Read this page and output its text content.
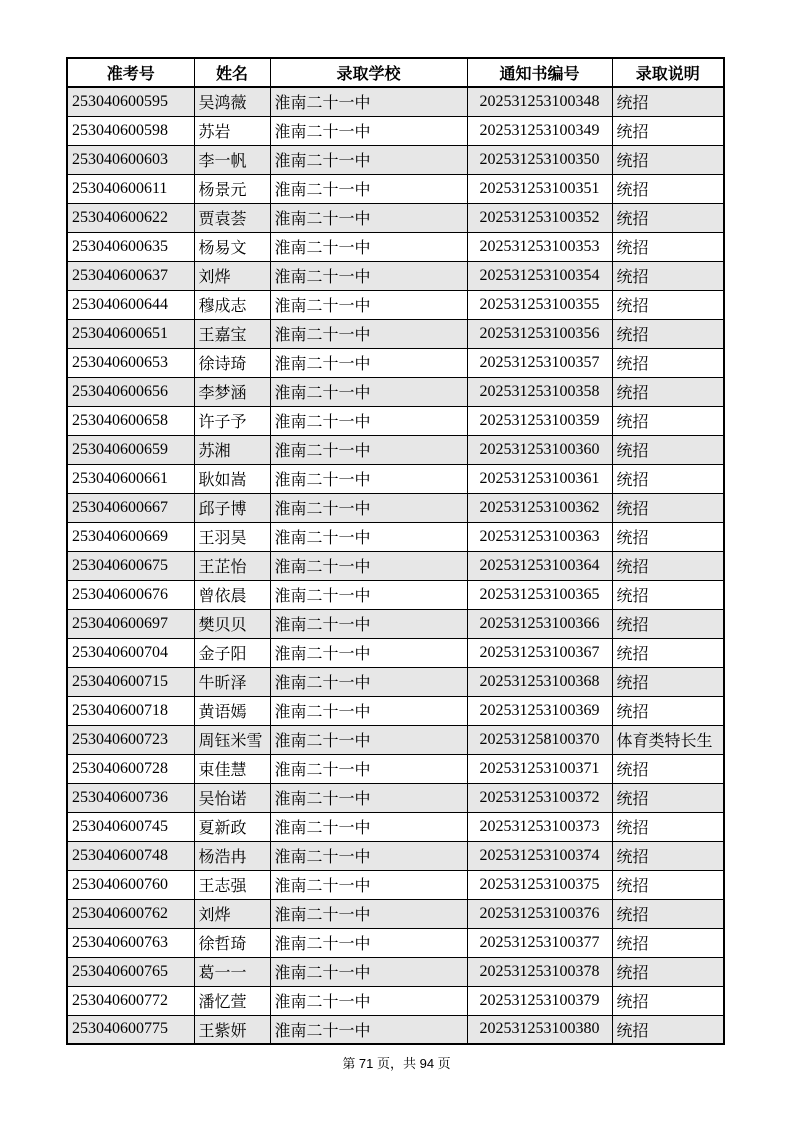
准考号	姓名	录取学校	通知书编号	录取说明
253040600595	吴鸿薇	淮南二十一中	202531253100348	统招
253040600598	苏岩	淮南二十一中	202531253100349	统招
253040600603	李一帆	淮南二十一中	202531253100350	统招
253040600611	杨景元	淮南二十一中	202531253100351	统招
253040600622	贾袁荟	淮南二十一中	202531253100352	统招
253040600635	杨易文	淮南二十一中	202531253100353	统招
253040600637	刘烨	淮南二十一中	202531253100354	统招
253040600644	穆成志	淮南二十一中	202531253100355	统招
253040600651	王嘉宝	淮南二十一中	202531253100356	统招
253040600653	徐诗琦	淮南二十一中	202531253100357	统招
253040600656	李梦涵	淮南二十一中	202531253100358	统招
253040600658	许子予	淮南二十一中	202531253100359	统招
253040600659	苏湘	淮南二十一中	202531253100360	统招
253040600661	耿如嵩	淮南二十一中	202531253100361	统招
253040600667	邱子博	淮南二十一中	202531253100362	统招
253040600669	王羽昊	淮南二十一中	202531253100363	统招
253040600675	王芷怡	淮南二十一中	202531253100364	统招
253040600676	曾依晨	淮南二十一中	202531253100365	统招
253040600697	樊贝贝	淮南二十一中	202531253100366	统招
253040600704	金子阳	淮南二十一中	202531253100367	统招
253040600715	牛昕泽	淮南二十一中	202531253100368	统招
253040600718	黄语嫣	淮南二十一中	202531253100369	统招
253040600723	周钰米雪	淮南二十一中	202531258100370	体育类特长生
253040600728	束佳慧	淮南二十一中	202531253100371	统招
253040600736	吴怡诺	淮南二十一中	202531253100372	统招
253040600745	夏新政	淮南二十一中	202531253100373	统招
253040600748	杨浩冉	淮南二十一中	202531253100374	统招
253040600760	王志强	淮南二十一中	202531253100375	统招
253040600762	刘烨	淮南二十一中	202531253100376	统招
253040600763	徐哲琦	淮南二十一中	202531253100377	统招
253040600765	葛一一	淮南二十一中	202531253100378	统招
253040600772	潘忆萱	淮南二十一中	202531253100379	统招
253040600775	王紫妍	淮南二十一中	202531253100380	统招
第 71 页，共 94 页
